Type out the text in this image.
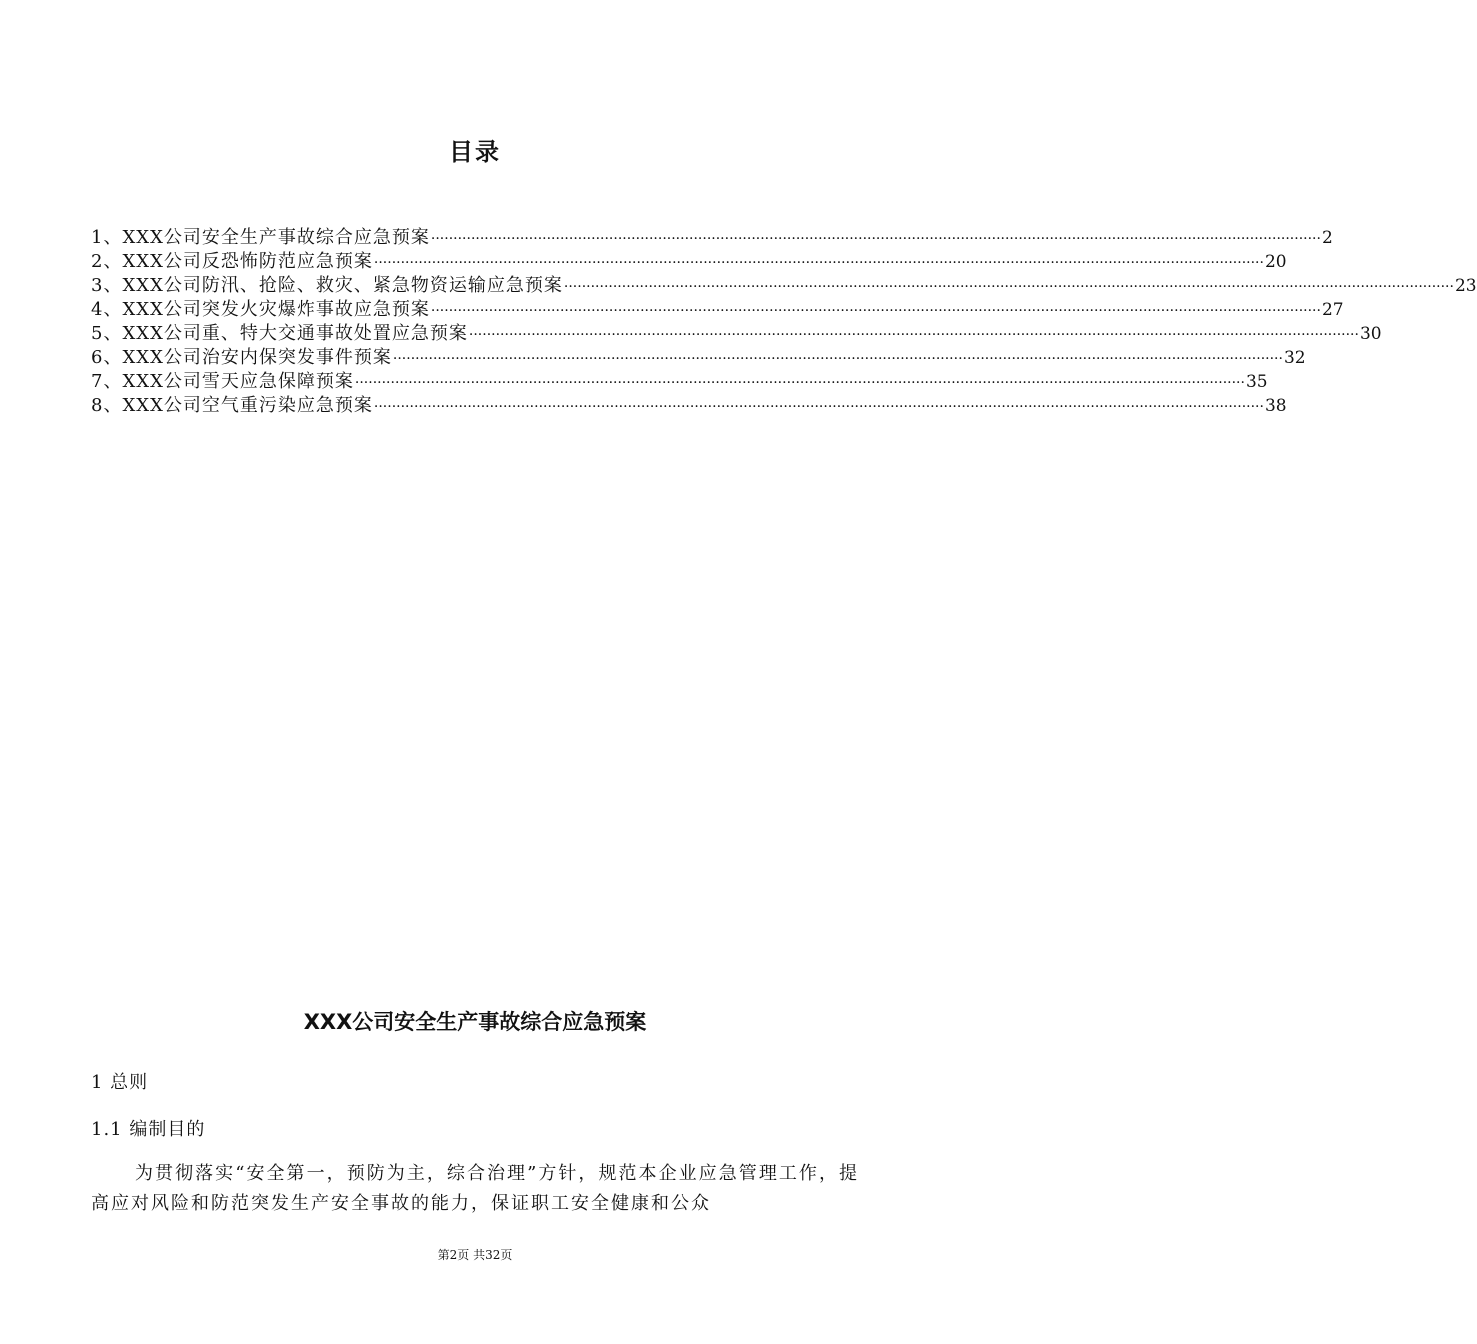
目录
1、XXX公司安全生产事故综合应急预案 ········································································································································································································ 2
2、XXX公司反恐怖防范应急预案 ········································································································································································································ 20
3、XXX公司防汛、抢险、救灾、紧急物资运输应急预案 ········································································································································································································ 23
4、XXX公司突发火灾爆炸事故应急预案 ········································································································································································································ 27
5、XXX公司重、特大交通事故处置应急预案 ········································································································································································································ 30
6、XXX公司治安内保突发事件预案 ········································································································································································································ 32
7、XXX公司雪天应急保障预案 ········································································································································································································ 35
8、XXX公司空气重污染应急预案 ········································································································································································································ 38
XXX公司安全生产事故综合应急预案
1 总则
1.1 编制目的
为贯彻落实“安全第一，预防为主，综合治理”方针，规范本企业应急管理工作，提高应对风险和防范突发生产安全事故的能力，保证职工安全健康和公众
第2页 共32页
